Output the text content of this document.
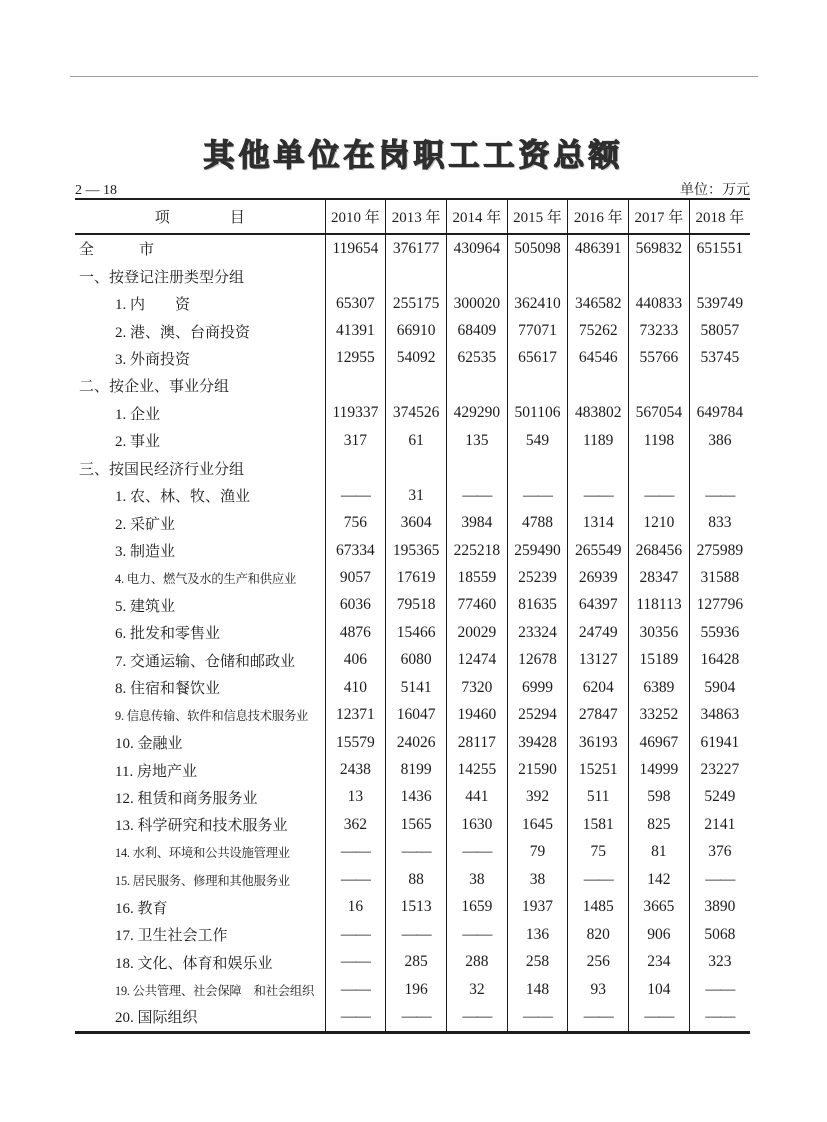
其他单位在岗职工工资总额
2 — 18	单位：万元
项　　　　目	2010 年	2013 年	2014 年	2015 年	2016 年	2017 年	2018 年
全　　　市	119654	376177	430964	505098	486391	569832	651551
一、按登记注册类型分组							
1. 内　　资	65307	255175	300020	362410	346582	440833	539749
2. 港、澳、台商投资	41391	66910	68409	77071	75262	73233	58057
3. 外商投资	12955	54092	62535	65617	64546	55766	53745
二、按企业、事业分组							
1. 企业	119337	374526	429290	501106	483802	567054	649784
2. 事业	317	61	135	549	1189	1198	386
三、按国民经济行业分组							
1. 农、林、牧、渔业	——	31	——	——	——	——	——
2. 采矿业	756	3604	3984	4788	1314	1210	833
3. 制造业	67334	195365	225218	259490	265549	268456	275989
4. 电力、燃气及水的生产和供应业	9057	17619	18559	25239	26939	28347	31588
5. 建筑业	6036	79518	77460	81635	64397	118113	127796
6. 批发和零售业	4876	15466	20029	23324	24749	30356	55936
7. 交通运输、仓储和邮政业	406	6080	12474	12678	13127	15189	16428
8. 住宿和餐饮业	410	5141	7320	6999	6204	6389	5904
9. 信息传输、软件和信息技术服务业	12371	16047	19460	25294	27847	33252	34863
10. 金融业	15579	24026	28117	39428	36193	46967	61941
11. 房地产业	2438	8199	14255	21590	15251	14999	23227
12. 租赁和商务服务业	13	1436	441	392	511	598	5249
13. 科学研究和技术服务业	362	1565	1630	1645	1581	825	2141
14. 水利、环境和公共设施管理业	——	——	——	79	75	81	376
15. 居民服务、修理和其他服务业	——	88	38	38	——	142	——
16. 教育	16	1513	1659	1937	1485	3665	3890
17. 卫生社会工作	——	——	——	136	820	906	5068
18. 文化、体育和娱乐业	——	285	288	258	256	234	323
19. 公共管理、社会保障　和社会组织	——	196	32	148	93	104	——
20. 国际组织	——	——	——	——	——	——	——
